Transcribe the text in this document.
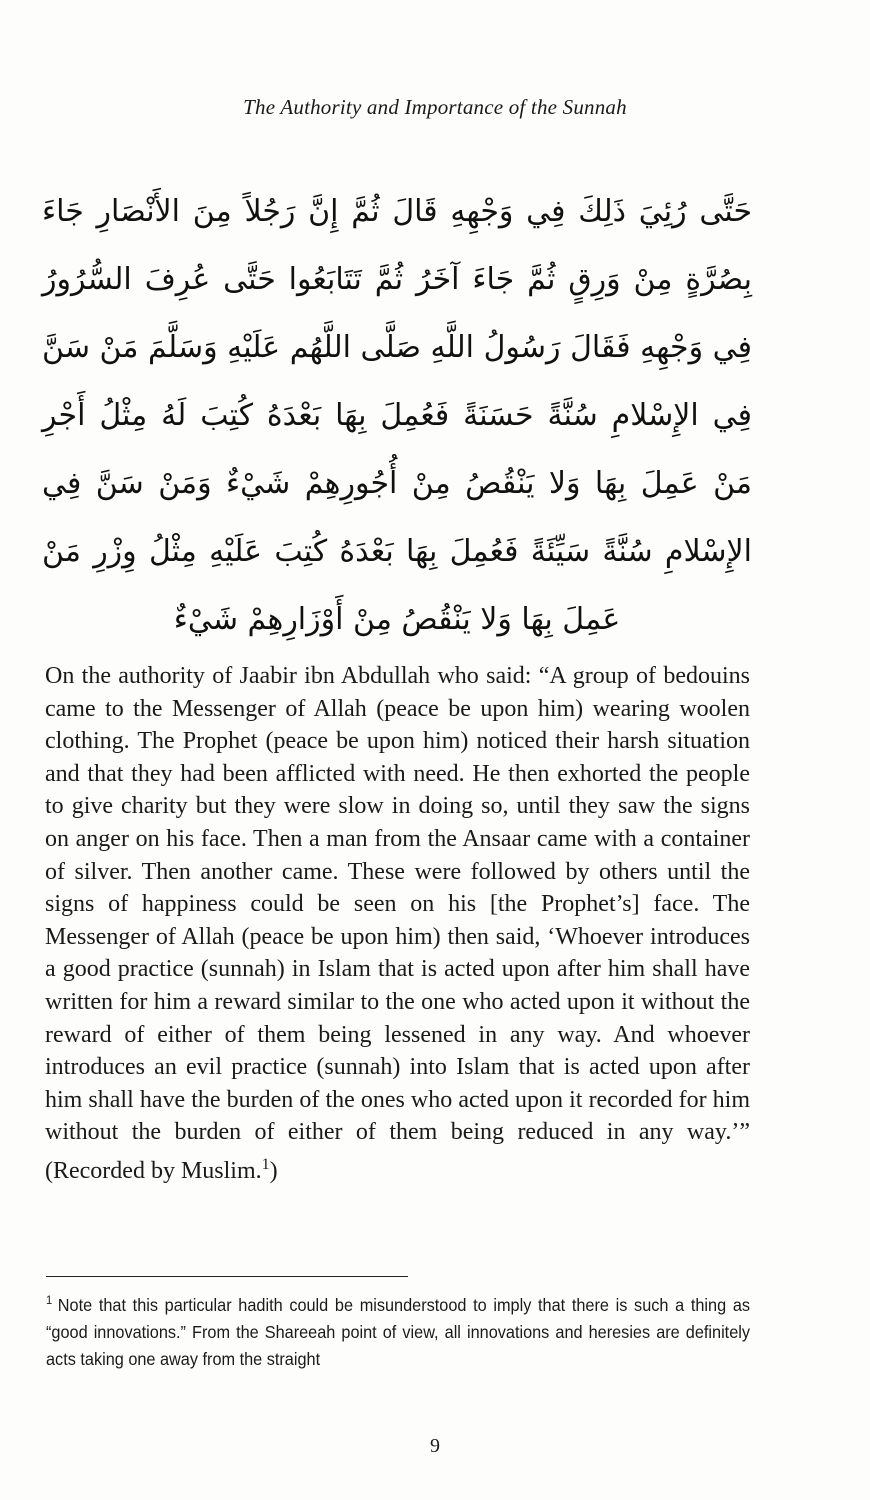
The Authority and Importance of the Sunnah
حَتَّى رُئِيَ ذَلِكَ فِي وَجْهِهِ قَالَ ثُمَّ إِنَّ رَجُلاً مِنَ الأَنْصَارِ جَاءَ بِصُرَّةٍ مِنْ وَرِقٍ ثُمَّ جَاءَ آخَرُ ثُمَّ تَتَابَعُوا حَتَّى عُرِفَ السُّرُورُ فِي وَجْهِهِ فَقَالَ رَسُولُ اللَّهِ صَلَّى اللَّهُم عَلَيْهِ وَسَلَّمَ مَنْ سَنَّ فِي الإِسْلامِ سُنَّةً حَسَنَةً فَعُمِلَ بِهَا بَعْدَهُ كُتِبَ لَهُ مِثْلُ أَجْرِ مَنْ عَمِلَ بِهَا وَلا يَنْقُصُ مِنْ أُجُورِهِمْ شَيْءٌ وَمَنْ سَنَّ فِي الإِسْلامِ سُنَّةً سَيِّئَةً فَعُمِلَ بِهَا بَعْدَهُ كُتِبَ عَلَيْهِ مِثْلُ وِزْرِ مَنْ عَمِلَ بِهَا وَلا يَنْقُصُ مِنْ أَوْزَارِهِمْ شَيْءٌ

On the authority of Jaabir ibn Abdullah who said: “A group of bedouins came to the Messenger of Allah (peace be upon him) wearing woolen clothing. The Prophet (peace be upon him) noticed their harsh situation and that they had been afflicted with need. He then exhorted the people to give charity but they were slow in doing so, until they saw the signs on anger on his face. Then a man from the Ansaar came with a container of silver. Then another came. These were followed by others until the signs of happiness could be seen on his [the Prophet’s] face. The Messenger of Allah (peace be upon him) then said, ‘Whoever introduces a good practice (sunnah) in Islam that is acted upon after him shall have written for him a reward similar to the one who acted upon it without the reward of either of them being lessened in any way. And whoever introduces an evil practice (sunnah) into Islam that is acted upon after him shall have the burden of the ones who acted upon it recorded for him without the burden of either of them being reduced in any way.’” (Recorded by Muslim.$^1$)

$^1$ Note that this particular hadith could be misunderstood to imply that there is such a thing as “good innovations.” From the Shareeah point of view, all innovations and heresies are definitely acts taking one away from the straight
9
